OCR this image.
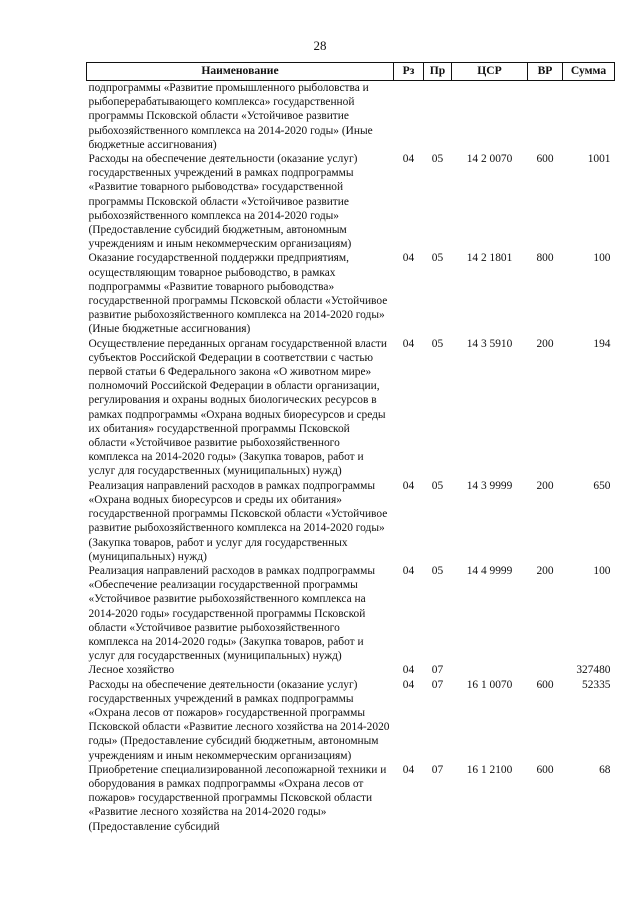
28
Наименование	Рз	Пр	ЦСР	ВР	Сумма
подпрограммы «Развитие промышленного рыболовства и рыбоперерабатывающего комплекса» государственной программы Псковской области «Устойчивое развитие рыбохозяйственного комплекса на 2014-2020 годы» (Иные бюджетные ассигнования)					
Расходы на обеспечение деятельности (оказание услуг) государственных учреждений в рамках подпрограммы «Развитие товарного рыбоводства» государственной программы Псковской области «Устойчивое развитие рыбохозяйственного комплекса на 2014-2020 годы» (Предоставление субсидий бюджетным, автономным учреждениям и иным некоммерческим организациям)	04	05	14 2 0070	600	1001
Оказание государственной поддержки предприятиям, осуществляющим товарное рыбоводство, в рамках подпрограммы «Развитие товарного рыбоводства» государственной программы Псковской области «Устойчивое развитие рыбохозяйственного комплекса на 2014-2020 годы» (Иные бюджетные ассигнования)	04	05	14 2 1801	800	100
Осуществление переданных органам государственной власти субъектов Российской Федерации в соответствии с частью первой статьи 6 Федерального закона «О животном мире» полномочий Российской Федерации в области организации, регулирования и охраны водных биологических ресурсов в рамках подпрограммы «Охрана водных биоресурсов и среды их обитания» государственной программы Псковской области «Устойчивое развитие рыбохозяйственного комплекса на 2014-2020 годы» (Закупка товаров, работ и услуг для государственных (муниципальных) нужд)	04	05	14 3 5910	200	194
Реализация направлений расходов в рамках подпрограммы «Охрана водных биоресурсов и среды их обитания» государственной программы Псковской области «Устойчивое развитие рыбохозяйственного комплекса на 2014-2020 годы» (Закупка товаров, работ и услуг для государственных (муниципальных) нужд)	04	05	14 3 9999	200	650
Реализация направлений расходов в рамках подпрограммы «Обеспечение реализации государственной программы «Устойчивое развитие рыбохозяйственного комплекса на 2014-2020 годы» государственной программы Псковской области «Устойчивое развитие рыбохозяйственного комплекса на 2014-2020 годы» (Закупка товаров, работ и услуг для государственных (муниципальных) нужд)	04	05	14 4 9999	200	100
Лесное хозяйство	04	07			327480
Расходы на обеспечение деятельности (оказание услуг) государственных учреждений в рамках подпрограммы «Охрана лесов от пожаров» государственной программы Псковской области «Развитие лесного хозяйства на 2014-2020 годы» (Предоставление субсидий бюджетным, автономным учреждениям и иным некоммерческим организациям)	04	07	16 1 0070	600	52335
Приобретение специализированной лесопожарной техники и оборудования в рамках подпрограммы «Охрана лесов от пожаров» государственной программы Псковской области «Развитие лесного хозяйства на 2014-2020 годы» (Предоставление субсидий	04	07	16 1 2100	600	68
